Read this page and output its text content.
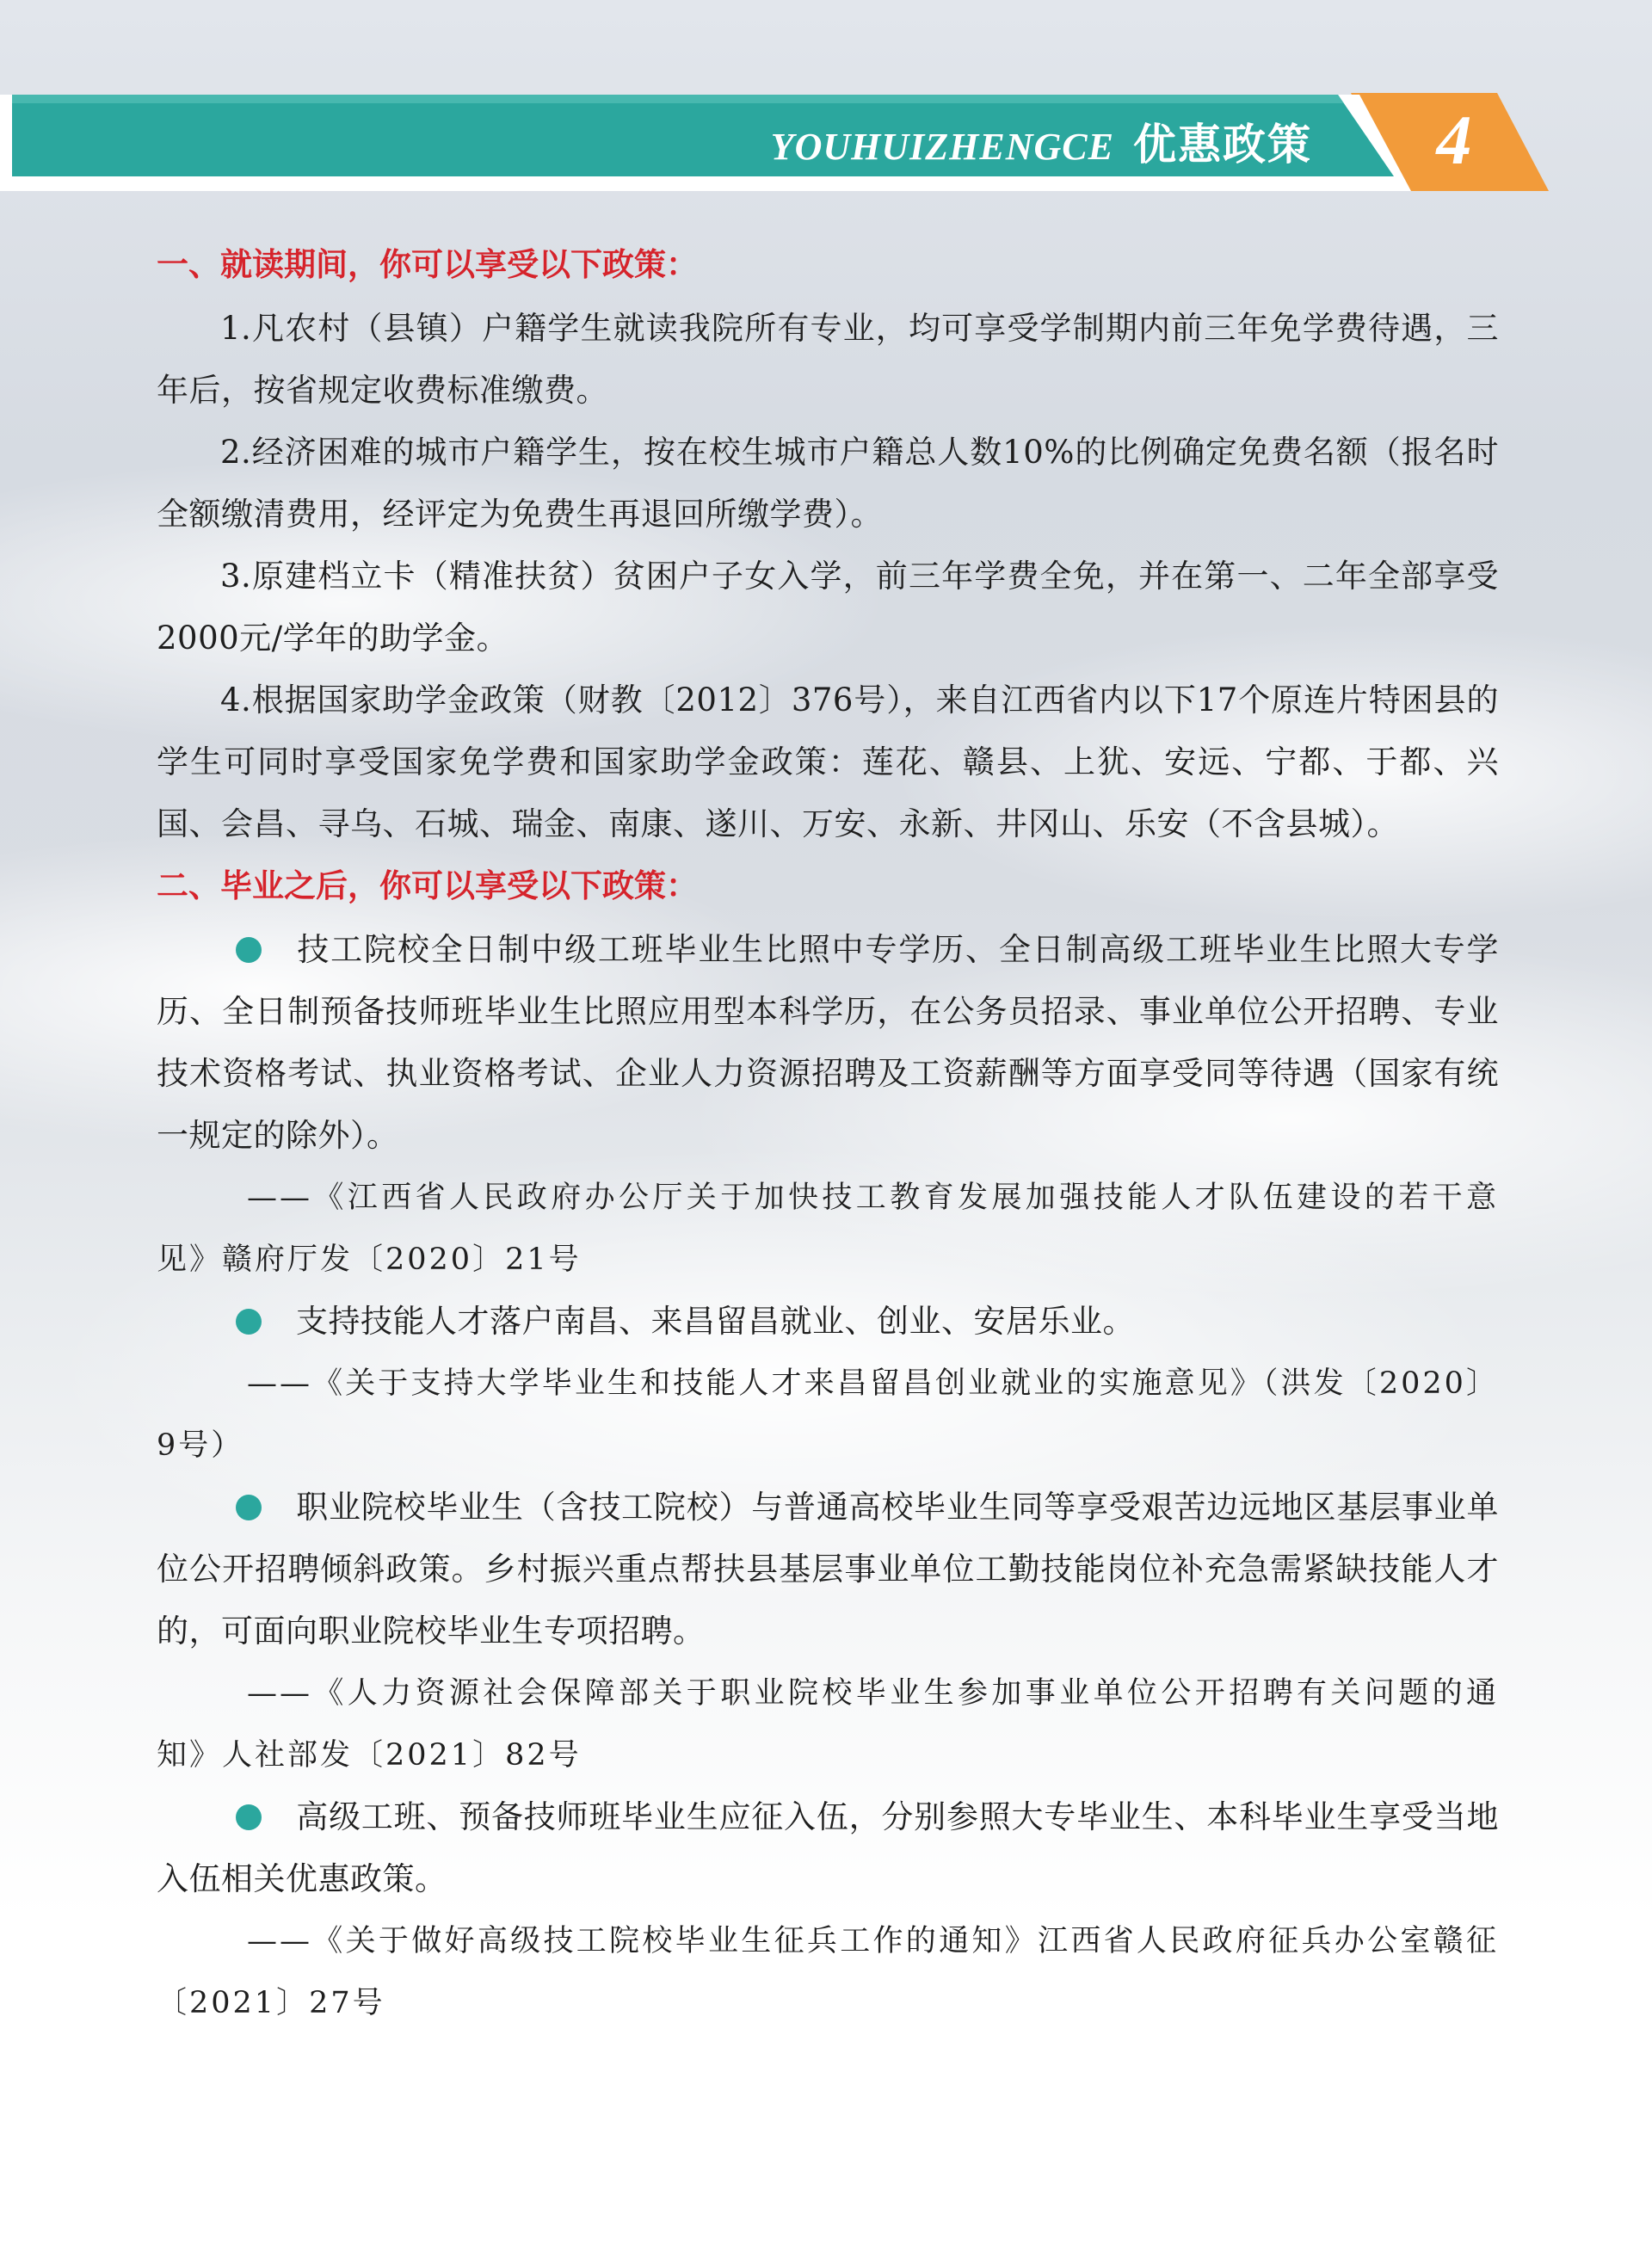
YOUHUIZHENGCE 优惠政策 4
一、就读期间，你可以享受以下政策：

1.凡农村（县镇）户籍学生就读我院所有专业，均可享受学制期内前三年免学费待遇，三年后，按省规定收费标准缴费。

2.经济困难的城市户籍学生，按在校生城市户籍总人数10%的比例确定免费名额（报名时全额缴清费用，经评定为免费生再退回所缴学费）。

3.原建档立卡（精准扶贫）贫困户子女入学，前三年学费全免，并在第一、二年全部享受2000元/学年的助学金。

4.根据国家助学金政策（财教〔2012〕376号），来自江西省内以下17个原连片特困县的学生可同时享受国家免学费和国家助学金政策：莲花、赣县、上犹、安远、宁都、于都、兴国、会昌、寻乌、石城、瑞金、南康、遂川、万安、永新、井冈山、乐安（不含县城）。

二、毕业之后，你可以享受以下政策：

技工院校全日制中级工班毕业生比照中专学历、全日制高级工班毕业生比照大专学历、全日制预备技师班毕业生比照应用型本科学历，在公务员招录、事业单位公开招聘、专业技术资格考试、执业资格考试、企业人力资源招聘及工资薪酬等方面享受同等待遇（国家有统一规定的除外）。

——《江西省人民政府办公厅关于加快技工教育发展加强技能人才队伍建设的若干意见》赣府厅发〔2020〕21号

支持技能人才落户南昌、来昌留昌就业、创业、安居乐业。

——《关于支持大学毕业生和技能人才来昌留昌创业就业的实施意见》（洪发〔2020〕9号）

职业院校毕业生（含技工院校）与普通高校毕业生同等享受艰苦边远地区基层事业单位公开招聘倾斜政策。乡村振兴重点帮扶县基层事业单位工勤技能岗位补充急需紧缺技能人才的，可面向职业院校毕业生专项招聘。

——《人力资源社会保障部关于职业院校毕业生参加事业单位公开招聘有关问题的通知》人社部发〔2021〕82号

高级工班、预备技师班毕业生应征入伍，分别参照大专毕业生、本科毕业生享受当地入伍相关优惠政策。

——《关于做好高级技工院校毕业生征兵工作的通知》江西省人民政府征兵办公室赣征〔2021〕27号
